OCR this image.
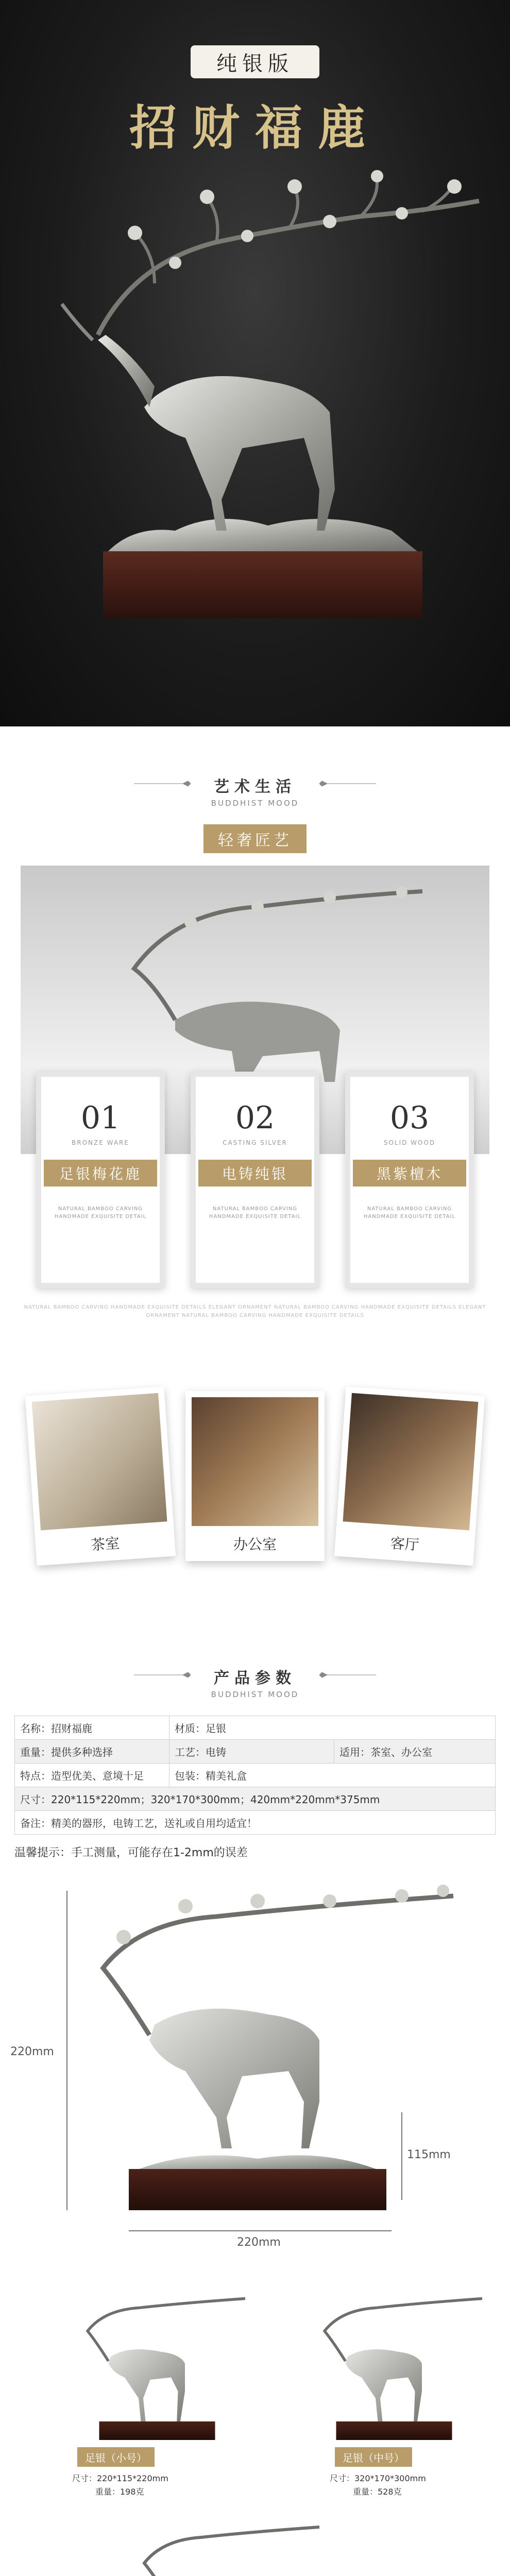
纯银版
招财福鹿
艺术生活
BUDDHIST MOOD
轻奢匠艺
01
BRONZE WARE
足银梅花鹿
NATURAL BAMBOO CARVING HANDMADE EXQUISITE DETAIL
02
CASTING SILVER
电铸纯银
NATURAL BAMBOO CARVING HANDMADE EXQUISITE DETAIL
03
SOLID WOOD
黑紫檀木
NATURAL BAMBOO CARVING HANDMADE EXQUISITE DETAIL
NATURAL BAMBOO CARVING HANDMADE EXQUISITE DETAILS ELEGANT ORNAMENT NATURAL BAMBOO CARVING HANDMADE EXQUISITE DETAILS ELEGANT ORNAMENT NATURAL BAMBOO CARVING HANDMADE EXQUISITE DETAILS
茶室	办公室	客厅
产品参数
BUDDHIST MOOD
名称：招财福鹿	材质：足银	
重量：提供多种选择	工艺：电铸	适用：茶室、办公室
特点：造型优美、意境十足	包装：精美礼盒	
尺寸：220*115*220mm；320*170*300mm；420mm*220mm*375mm		
备注：精美的器形，电铸工艺，送礼或自用均适宜！		
温馨提示：手工测量，可能存在1-2mm的误差
220mm
220mm
115mm
足银（小号）
尺寸：220*115*220mm
重量：198克
足银（中号）
尺寸：320*170*300mm
重量：528克
